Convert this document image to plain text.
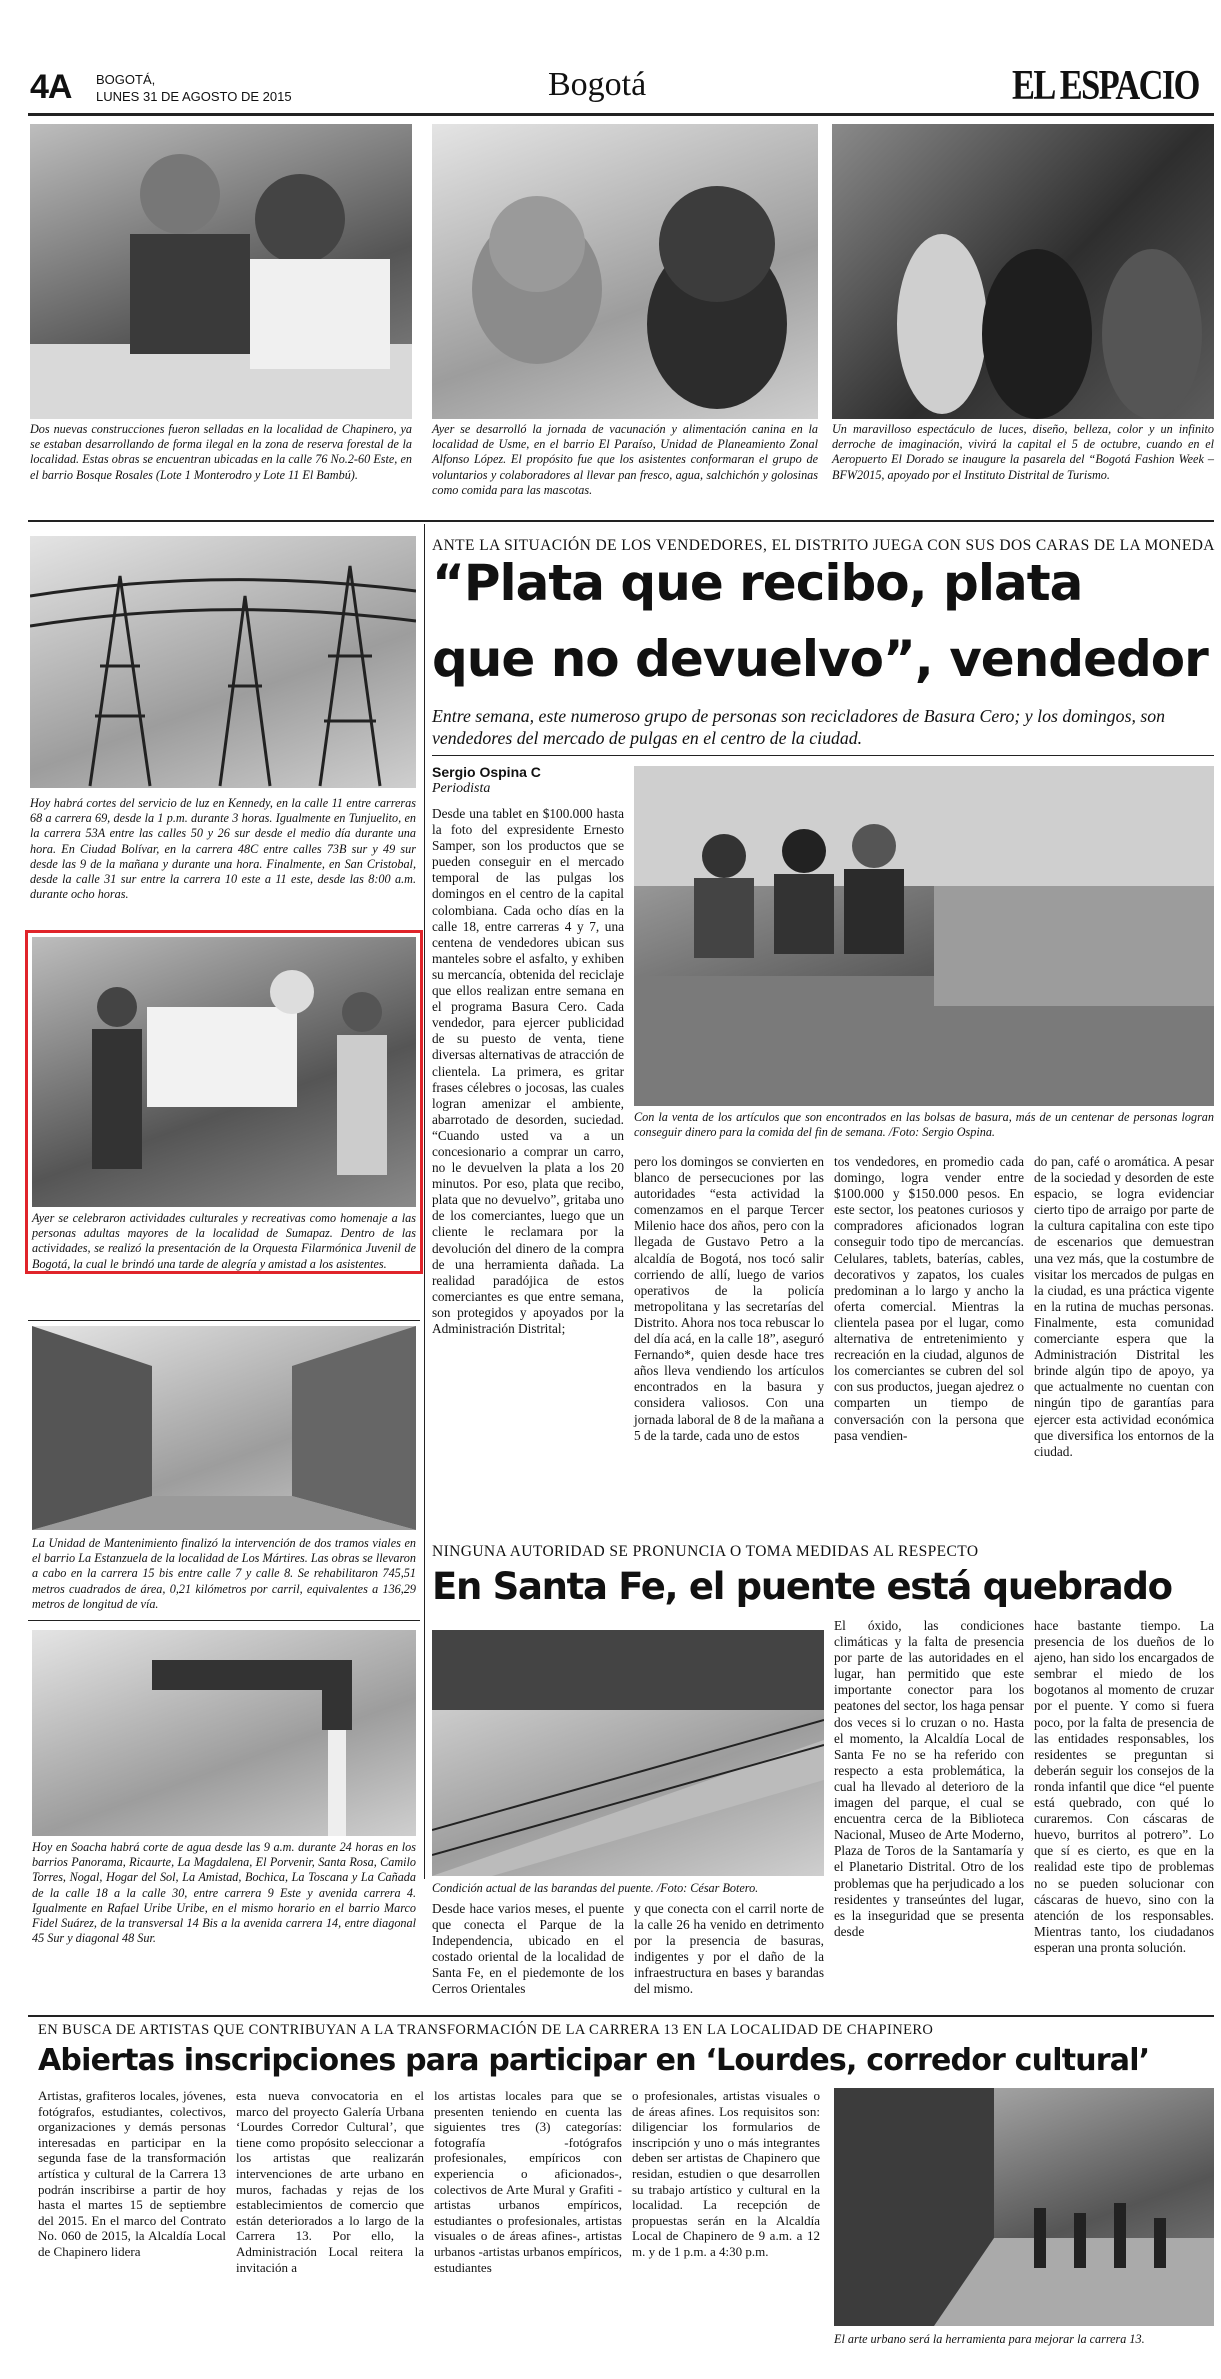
4A BOGOTÁ,
LUNES 31 DE AGOSTO DE 2015	Bogotá	EL ESPACIO
Dos nuevas construcciones fueron selladas en la localidad de Chapinero, ya se estaban desarrollando de forma ilegal en la zona de reserva forestal de la localidad. Estas obras se encuentran ubicadas en la calle 76 No.2-60 Este, en el barrio Bosque Rosales (Lote 1 Monterodro y Lote 11 El Bambú).
Ayer se desarrolló la jornada de vacunación y alimentación canina en la localidad de Usme, en el barrio El Paraíso, Unidad de Planeamiento Zonal Alfonso López. El propósito fue que los asistentes conformaran el grupo de voluntarios y colaboradores al llevar pan fresco, agua, salchichón y golosinas como comida para las mascotas.
Un maravilloso espectáculo de luces, diseño, belleza, color y un infinito derroche de imaginación, vivirá la capital el 5 de octubre, cuando en el Aeropuerto El Dorado se inaugure la pasarela del “Bogotá Fashion Week – BFW2015, apoyado por el Instituto Distrital de Turismo.
Hoy habrá cortes del servicio de luz en Kennedy, en la calle 11 entre carreras 68 a carrera 69, desde la 1 p.m. durante 3 horas. Igualmente en Tunjuelito, en la carrera 53A entre las calles 50 y 26 sur desde el medio día durante una hora. En Ciudad Bolívar, en la carrera 48C entre calles 73B sur y 49 sur desde las 9 de la mañana y durante una hora. Finalmente, en San Cristobal, desde la calle 31 sur entre la carrera 10 este a 11 este, desde las 8:00 a.m. durante ocho horas.
Ayer se celebraron actividades culturales y recreativas como homenaje a las personas adultas mayores de la localidad de Sumapaz. Dentro de las actividades, se realizó la presentación de la Orquesta Filarmónica Juvenil de Bogotá, la cual le brindó una tarde de alegría y amistad a los asistentes.
La Unidad de Mantenimiento finalizó la intervención de dos tramos viales en el barrio La Estanzuela de la localidad de Los Mártires. Las obras se llevaron a cabo en la carrera 15 bis entre calle 7 y calle 8. Se rehabilitaron 745,51 metros cuadrados de área, 0,21 kilómetros por carril, equivalentes a 136,29 metros de longitud de vía.
Hoy en Soacha habrá corte de agua desde las 9 a.m. durante 24 horas en los barrios Panorama, Ricaurte, La Magdalena, El Porvenir, Santa Rosa, Camilo Torres, Nogal, Hogar del Sol, La Amistad, Bochica, La Toscana y La Cañada de la calle 18 a la calle 30, entre carrera 9 Este y avenida carrera 4. Igualmente en Rafael Uribe Uribe, en el mismo horario en el barrio Marco Fidel Suárez, de la transversal 14 Bis a la avenida carrera 14, entre diagonal 45 Sur y diagonal 48 Sur.
ANTE LA SITUACIÓN DE LOS VENDEDORES, EL DISTRITO JUEGA CON SUS DOS CARAS DE LA MONEDA
“Plata que recibo, plata
que no devuelvo”, vendedor
Entre semana, este numeroso grupo de personas son recicladores de Basura Cero; y los domingos, son vendedores del mercado de pulgas en el centro de la ciudad.
Sergio Ospina C
Periodista
Desde una tablet en $100.000 hasta la foto del expresidente Ernesto Samper, son los productos que se pueden conseguir en el mercado temporal de las pulgas los domingos en el centro de la capital colombiana. Cada ocho días en la calle 18, entre carreras 4 y 7, una centena de vendedores ubican sus manteles sobre el asfalto, y exhiben su mercancía, obtenida del reciclaje que ellos realizan entre semana en el programa Basura Cero. Cada vendedor, para ejercer publicidad de su puesto de venta, tiene diversas alternativas de atracción de clientela. La primera, es gritar frases célebres o jocosas, las cuales logran amenizar el ambiente, abarrotado de desorden, suciedad. “Cuando usted va a un concesionario a comprar un carro, no le devuelven la plata a los 20 minutos. Por eso, plata que recibo, plata que no devuelvo”, gritaba uno de los comerciantes, luego que un cliente le reclamara por la devolución del dinero de la compra de una herramienta dañada. La realidad paradójica de estos comerciantes es que entre semana, son protegidos y apoyados por la Administración Distrital;
Con la venta de los artículos que son encontrados en las bolsas de basura, más de un centenar de personas logran conseguir dinero para la comida del fin de semana. /Foto: Sergio Ospina.
pero los domingos se convierten en blanco de persecuciones por las autoridades “esta actividad la comenzamos en el parque Tercer Milenio hace dos años, pero con la llegada de Gustavo Petro a la alcaldía de Bogotá, nos tocó salir corriendo de allí, luego de varios operativos de la policía metropolitana y las secretarías del Distrito. Ahora nos toca rebuscar lo del día acá, en la calle 18”, aseguró Fernando*, quien desde hace tres años lleva vendiendo los artículos encontrados en la basura y considera valiosos. Con una jornada laboral de 8 de la mañana a 5 de la tarde, cada uno de estos
tos vendedores, en promedio cada domingo, logra vender entre $100.000 y $150.000 pesos. En este sector, los peatones curiosos y compradores aficionados logran conseguir todo tipo de mercancías. Celulares, tablets, baterías, cables, decorativos y zapatos, los cuales predominan a lo largo y ancho la oferta comercial. Mientras la clientela pasea por el lugar, como alternativa de entretenimiento y recreación en la ciudad, algunos de los comerciantes se cubren del sol con sus productos, juegan ajedrez o comparten un tiempo de conversación con la persona que pasa vendien-
do pan, café o aromática. A pesar de la sociedad y desorden de este espacio, se logra evidenciar cierto tipo de arraigo por parte de la cultura capitalina con este tipo de escenarios que demuestran una vez más, que la costumbre de visitar los mercados de pulgas en la ciudad, es una práctica vigente en la rutina de muchas personas. Finalmente, esta comunidad comerciante espera que la Administración Distrital les brinde algún tipo de apoyo, ya que actualmente no cuentan con ningún tipo de garantías para ejercer esta actividad económica que diversifica los entornos de la ciudad.
NINGUNA AUTORIDAD SE PRONUNCIA O TOMA MEDIDAS AL RESPECTO
En Santa Fe, el puente está quebrado
Condición actual de las barandas del puente. /Foto: César Botero.
Desde hace varios meses, el puente que conecta el Parque de la Independencia, ubicado en el costado oriental de la localidad de Santa Fe, en el piedemonte de los Cerros Orientales
y que conecta con el carril norte de la calle 26 ha venido en detrimento por la presencia de basuras, indigentes y por el daño de la infraestructura en bases y barandas del mismo.
El óxido, las condiciones climáticas y la falta de presencia por parte de las autoridades en el lugar, han permitido que este importante conector para los peatones del sector, los haga pensar dos veces si lo cruzan o no. Hasta el momento, la Alcaldía Local de Santa Fe no se ha referido con respecto a esta problemática, la cual ha llevado al deterioro de la imagen del parque, el cual se encuentra cerca de la Biblioteca Nacional, Museo de Arte Moderno, Plaza de Toros de la Santamaría y el Planetario Distrital. Otro de los problemas que ha perjudicado a los residentes y transeúntes del lugar, es la inseguridad que se presenta desde
hace bastante tiempo. La presencia de los dueños de lo ajeno, han sido los encargados de sembrar el miedo de los bogotanos al momento de cruzar por el puente. Y como si fuera poco, por la falta de presencia de las entidades responsables, los residentes se preguntan si deberán seguir los consejos de la ronda infantil que dice “el puente está quebrado, con qué lo curaremos. Con cáscaras de huevo, burritos al potrero”. Lo que sí es cierto, es que en la realidad este tipo de problemas no se pueden solucionar con cáscaras de huevo, sino con la atención de los responsables. Mientras tanto, los ciudadanos esperan una pronta solución.
EN BUSCA DE ARTISTAS QUE CONTRIBUYAN A LA TRANSFORMACIÓN DE LA CARRERA 13 EN LA LOCALIDAD DE CHAPINERO
Abiertas inscripciones para participar en ‘Lourdes, corredor cultural’
Artistas, grafiteros locales, jóvenes, fotógrafos, estudiantes, colectivos, organizaciones y demás personas interesadas en participar en la segunda fase de la transformación artística y cultural de la Carrera 13 podrán inscribirse a partir de hoy hasta el martes 15 de septiembre del 2015. En el marco del Contrato No. 060 de 2015, la Alcaldía Local de Chapinero lidera
esta nueva convocatoria en el marco del proyecto Galería Urbana ‘Lourdes Corredor Cultural’, que tiene como propósito seleccionar a los artistas que realizarán intervenciones de arte urbano en muros, fachadas y rejas de los establecimientos de comercio que están deteriorados a lo largo de la Carrera 13. Por ello, la Administración Local reitera la invitación a
los artistas locales para que se presenten teniendo en cuenta las siguientes tres (3) categorías: fotografía -fotógrafos profesionales, empíricos con experiencia o aficionados-, colectivos de Arte Mural y Grafiti -artistas urbanos empíricos, estudiantes o profesionales, artistas visuales o de áreas afines-, artistas urbanos -artistas urbanos empíricos, estudiantes
o profesionales, artistas visuales o de áreas afines. Los requisitos son: diligenciar los formularios de inscripción y uno o más integrantes deben ser artistas de Chapinero que residan, estudien o que desarrollen su trabajo artístico y cultural en la localidad. La recepción de propuestas serán en la Alcaldía Local de Chapinero de 9 a.m. a 12 m. y de 1 p.m. a 4:30 p.m.
El arte urbano será la herramienta para mejorar la carrera 13.
